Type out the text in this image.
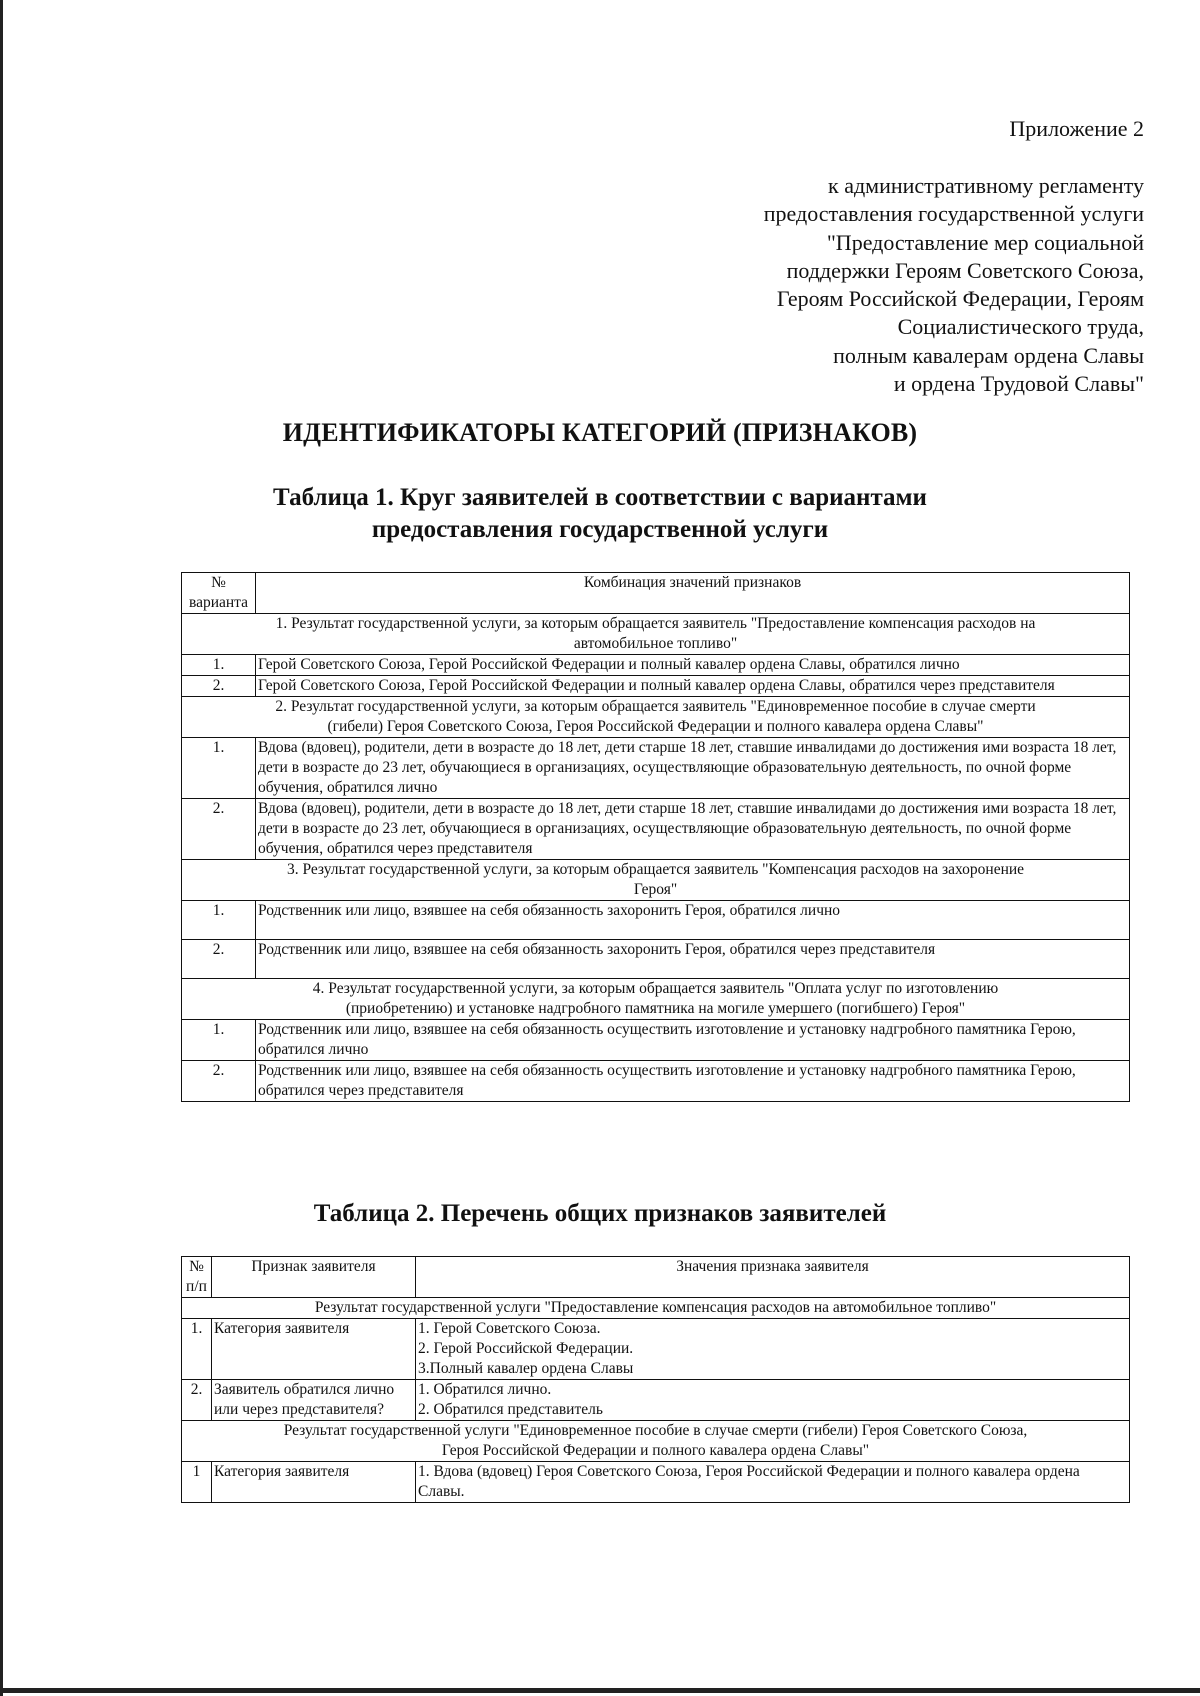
Приложение 2
к административному регламенту
предоставления государственной услуги
"Предоставление мер социальной
поддержки Героям Советского Союза,
Героям Российской Федерации, Героям
Социалистического труда,
полным кавалерам ордена Славы
и ордена Трудовой Славы"
ИДЕНТИФИКАТОРЫ КАТЕГОРИЙ (ПРИЗНАКОВ)
Таблица 1. Круг заявителей в соответствии с вариантами
предоставления государственной услуги
№
варианта	Комбинация значений признаков

1. Результат государственной услуги, за которым обращается заявитель "Предоставление компенсация расходов на
автомобильное топливо"	

1.	Герой Советского Союза, Герой Российской Федерации и полный кавалер ордена Славы, обратился лично
2.	Герой Советского Союза, Герой Российской Федерации и полный кавалер ордена Славы, обратился через представителя

2. Результат государственной услуги, за которым обращается заявитель "Единовременное пособие в случае смерти
(гибели) Героя Советского Союза, Героя Российской Федерации и полного кавалера ордена Славы"	

1.	Вдова (вдовец), родители, дети в возрасте до 18 лет, дети старше 18 лет, ставшие инвалидами до достижения ими возраста 18 лет, дети в возрасте до 23 лет, обучающиеся в организациях, осуществляющие образовательную деятельность, по очной форме обучения, обратился лично
2.	Вдова (вдовец), родители, дети в возрасте до 18 лет, дети старше 18 лет, ставшие инвалидами до достижения ими возраста 18 лет, дети в возрасте до 23 лет, обучающиеся в организациях, осуществляющие образовательную деятельность, по очной форме обучения, обратился через представителя

3. Результат государственной услуги, за которым обращается заявитель "Компенсация расходов на захоронение
Героя"	

1.	Родственник или лицо, взявшее на себя обязанность захоронить Героя, обратился лично
2.	Родственник или лицо, взявшее на себя обязанность захоронить Героя, обратился через представителя

4. Результат государственной услуги, за которым обращается заявитель "Оплата услуг по изготовлению
(приобретению) и установке надгробного памятника на могиле умершего (погибшего) Героя"	

1.	Родственник или лицо, взявшее на себя обязанность осуществить изготовление и установку надгробного памятника Герою, обратился лично
2.	Родственник или лицо, взявшее на себя обязанность осуществить изготовление и установку надгробного памятника Герою, обратился через представителя
Таблица 2. Перечень общих признаков заявителей
№
п/п	Признак заявителя	Значения признака заявителя

Результат государственной услуги "Предоставление компенсация расходов на автомобильное топливо"		

1.	Категория заявителя	1. Герой Советского Союза.
2. Герой Российской Федерации.
3.Полный кавалер ордена Славы

2.	Заявитель обратился лично или через представителя?	1. Обратился лично.
2. Обратился представитель

Результат государственной услуги "Единовременное пособие в случае смерти (гибели) Героя Советского Союза,
Героя Российской Федерации и полного кавалера ордена Славы"		

1	Категория заявителя	1. Вдова (вдовец) Героя Советского Союза, Героя Российской Федерации и полного кавалера ордена Славы.
